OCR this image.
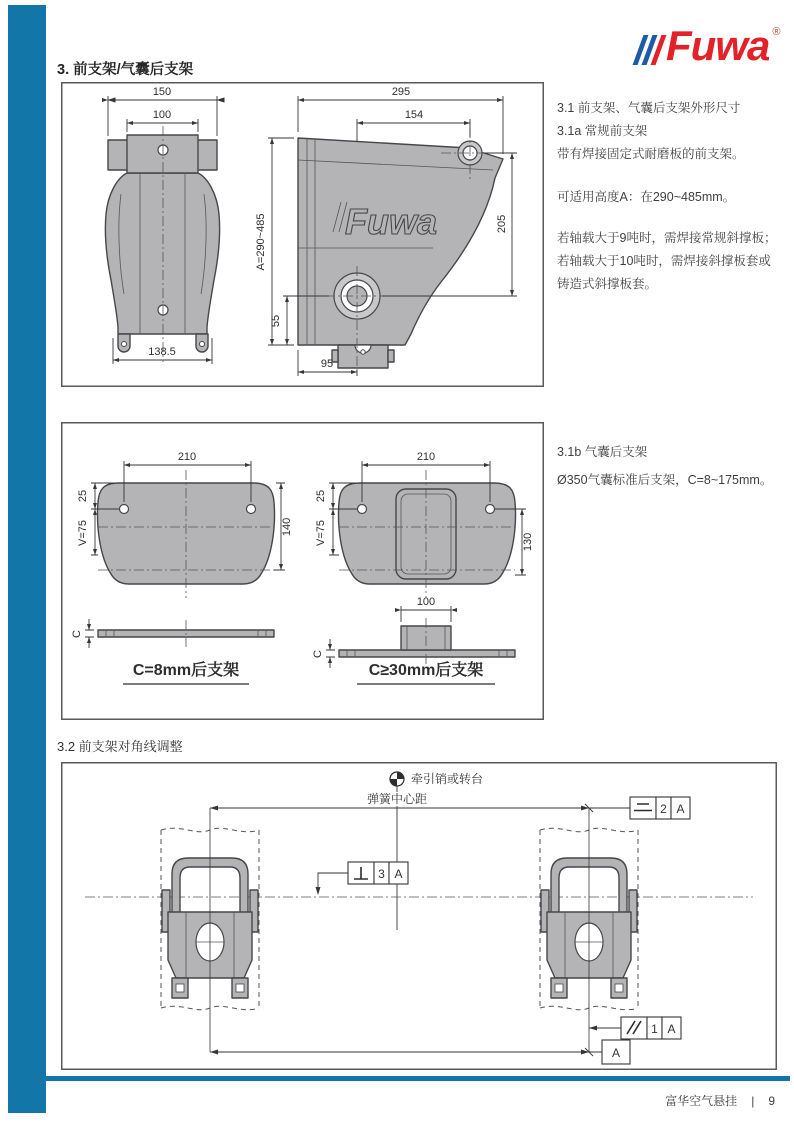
Fuwa ®
3. 前支架/气囊后支架
150
100
138.5
Fuwa
295
154
A=290~485
55
205
95
3.1 前支架、气囊后支架外形尺寸
3.1a 常规前支架
带有焊接固定式耐磨板的前支架。
可适用高度A：在290~485mm。
若轴载大于9吨时，需焊接常规斜撑板；
若轴载大于10吨时，需焊接斜撑板套或
铸造式斜撑板套。
210
25
V=75	140
C
C=8mm后支架
210
25
V=75	130
100
C
C≥30mm后支架
3.1b 气囊后支架
Ø350气囊标准后支架，C=8~175mm。
3.2 前支架对角线调整
牵引销或转台
弹簧中心距
2 A
3 A
1 A
A
富华空气悬挂 | 9
